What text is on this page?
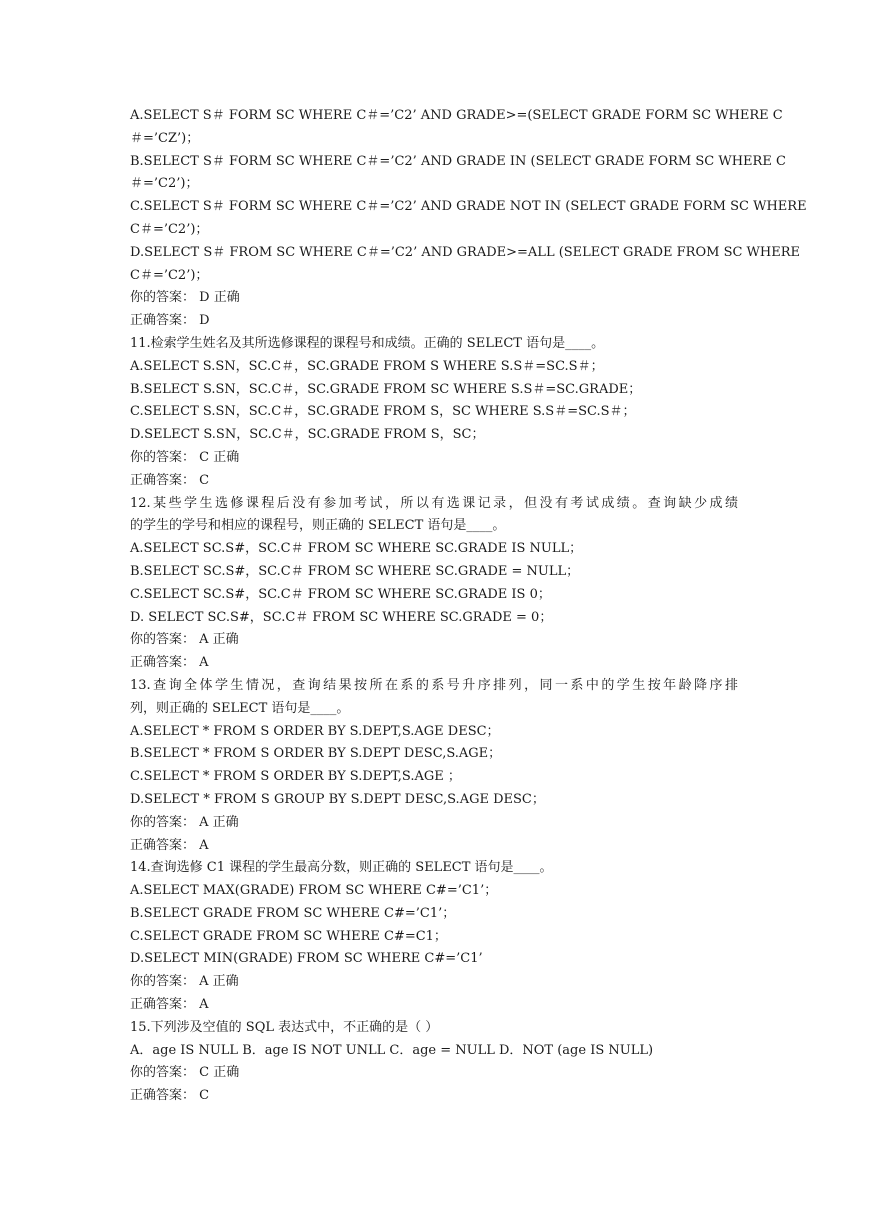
A.SELECT S＃ FORM SC WHERE C＃=’C2’ AND GRADE>=(SELECT GRADE FORM SC WHERE C
＃=’CZ’)；
B.SELECT S＃ FORM SC WHERE C＃=’C2’ AND GRADE IN (SELECT GRADE FORM SC WHERE C
＃=’C2’)；
C.SELECT S＃ FORM SC WHERE C＃=’C2’ AND GRADE NOT IN (SELECT GRADE FORM SC WHERE
C＃=’C2’)；
D.SELECT S＃ FROM SC WHERE C＃=’C2’ AND GRADE>=ALL (SELECT GRADE FROM SC WHERE
C＃=’C2’)；
你的答案： D 正确
正确答案： D
11.检索学生姓名及其所选修课程的课程号和成绩。正确的 SELECT 语句是____。
A.SELECT S.SN，SC.C＃，SC.GRADE FROM S WHERE S.S＃=SC.S＃；
B.SELECT S.SN，SC.C＃，SC.GRADE FROM SC WHERE S.S＃=SC.GRADE；
C.SELECT S.SN，SC.C＃，SC.GRADE FROM S，SC WHERE S.S＃=SC.S＃；
D.SELECT S.SN，SC.C＃，SC.GRADE FROM S，SC；
你的答案： C 正确
正确答案： C
12.某些学生选修课程后没有参加考试，所以有选课记录，但没有考试成绩。查询缺少成绩
的学生的学号和相应的课程号，则正确的 SELECT 语句是____。
A.SELECT SC.S#，SC.C＃ FROM SC WHERE SC.GRADE IS NULL；
B.SELECT SC.S#，SC.C＃ FROM SC WHERE SC.GRADE = NULL；
C.SELECT SC.S#，SC.C＃ FROM SC WHERE SC.GRADE IS 0；
D. SELECT SC.S#，SC.C＃ FROM SC WHERE SC.GRADE = 0；
你的答案： A 正确
正确答案： A
13.查询全体学生情况，查询结果按所在系的系号升序排列，同一系中的学生按年龄降序排
列，则正确的 SELECT 语句是____。
A.SELECT * FROM S ORDER BY S.DEPT,S.AGE DESC；
B.SELECT * FROM S ORDER BY S.DEPT DESC,S.AGE；
C.SELECT * FROM S ORDER BY S.DEPT,S.AGE ；
D.SELECT * FROM S GROUP BY S.DEPT DESC,S.AGE DESC；
你的答案： A 正确
正确答案： A
14.查询选修 C1 课程的学生最高分数，则正确的 SELECT 语句是____。
A.SELECT MAX(GRADE) FROM SC WHERE C#=’C1’；
B.SELECT GRADE FROM SC WHERE C#=’C1’；
C.SELECT GRADE FROM SC WHERE C#=C1；
D.SELECT MIN(GRADE) FROM SC WHERE C#=’C1’
你的答案： A 正确
正确答案： A
15.下列涉及空值的 SQL 表达式中，不正确的是（ ）
A．age IS NULL B．age IS NOT UNLL C．age = NULL D．NOT (age IS NULL)
你的答案： C 正确
正确答案： C
